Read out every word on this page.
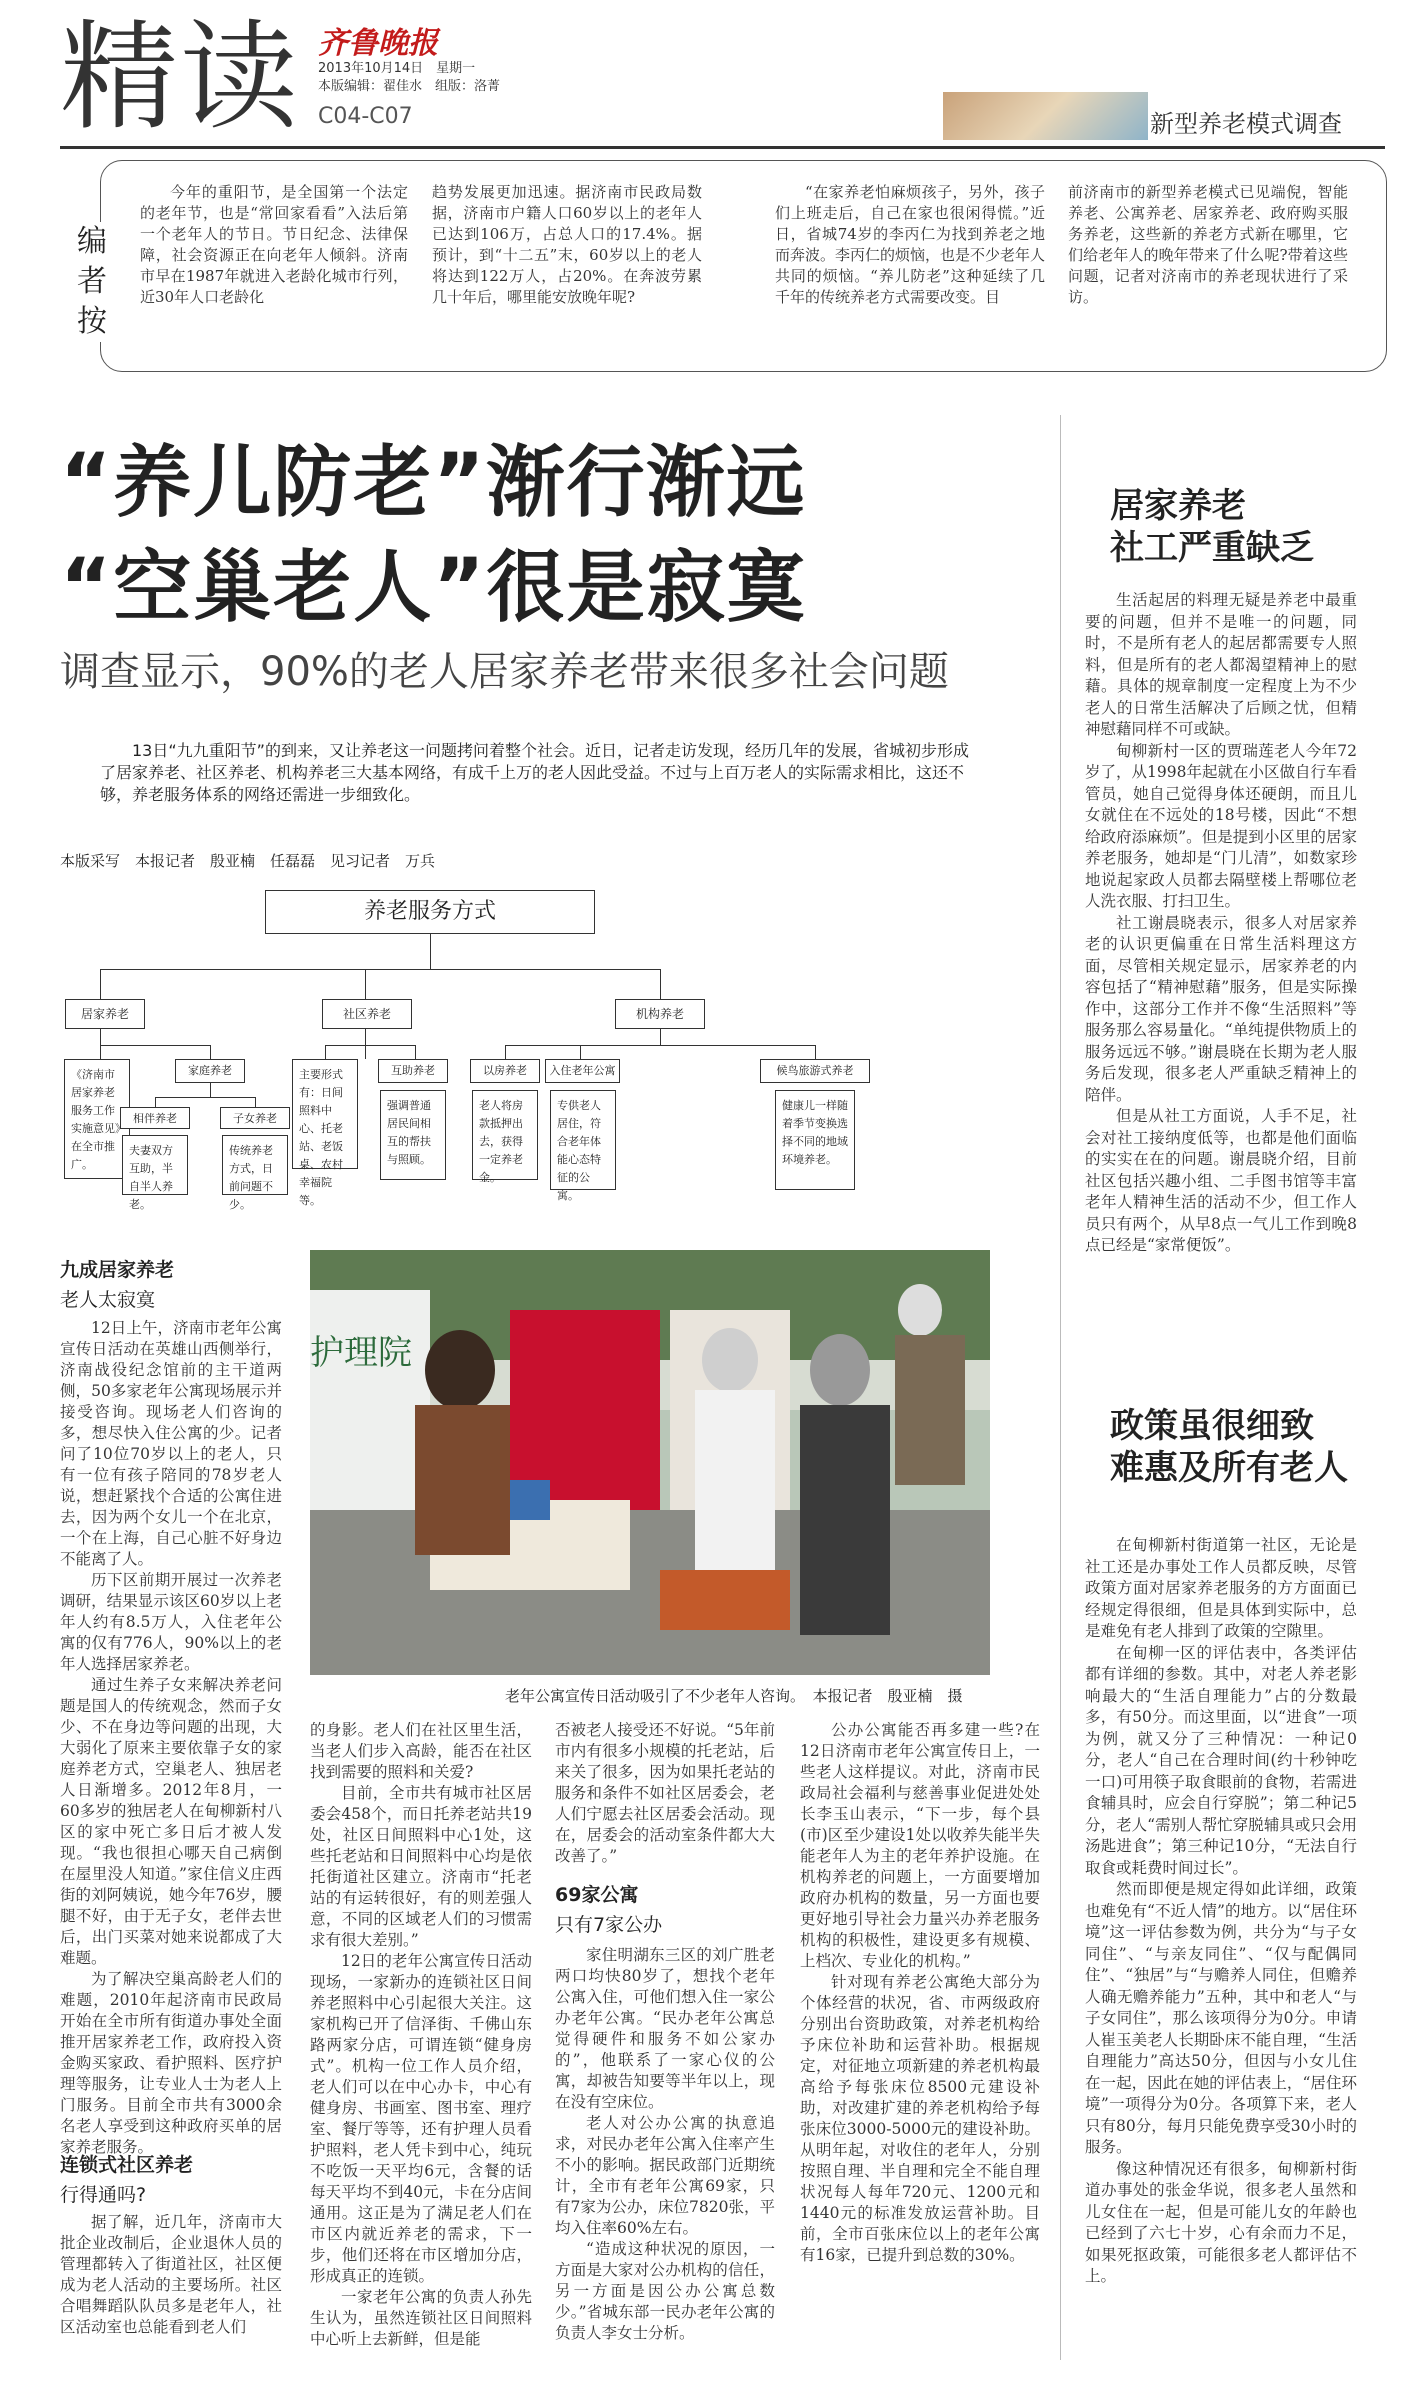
精读 齐鲁晚报
2013年10月14日　星期一
本版编辑：翟佳水　组版：洛菁
C04-C07	新型养老模式调查
编
者
按
今年的重阳节，是全国第一个法定的老年节，也是“常回家看看”入法后第一个老年人的节日。节日纪念、法律保障，社会资源正在向老年人倾斜。济南市早在1987年就进入老龄化城市行列，近30年人口老龄化
趋势发展更加迅速。据济南市民政局数据，济南市户籍人口60岁以上的老年人已达到106万，占总人口的17.4%。据预计，到“十二五”末，60岁以上的老人将达到122万人，占20%。在奔波劳累几十年后，哪里能安放晚年呢?
“在家养老怕麻烦孩子，另外，孩子们上班走后，自己在家也很闲得慌。”近日，省城74岁的李丙仁为找到养老之地而奔波。李丙仁的烦恼，也是不少老年人共同的烦恼。“养儿防老”这种延续了几千年的传统养老方式需要改变。目
前济南市的新型养老模式已见端倪，智能养老、公寓养老、居家养老、政府购买服务养老，这些新的养老方式新在哪里，它们给老年人的晚年带来了什么呢?带着这些问题，记者对济南市的养老现状进行了采访。
“养儿防老”渐行渐远
“空巢老人”很是寂寞
调查显示，90%的老人居家养老带来很多社会问题
13日“九九重阳节”的到来，又让养老这一问题拷问着整个社会。近日，记者走访发现，经历几年的发展，省城初步形成了居家养老、社区养老、机构养老三大基本网络，有成千上万的老人因此受益。不过与上百万老人的实际需求相比，这还不够，养老服务体系的网络还需进一步细致化。
本版采写　本报记者　殷亚楠　任磊磊　见习记者　万兵
养老服务方式
居家养老	社区养老	机构养老
《济南市居家养老服务工作实施意见》在全市推广。
家庭养老
相伴养老	子女养老
夫妻双方互助，半自半人养老。
传统养老方式，日前问题不少。
主要形式有：日间照料中心、托老站、老饭桌、农村幸福院等。
互助养老
强调普通居民间相互的帮扶与照顾。
以房养老	入住老年公寓	候鸟旅游式养老
老人将房款抵押出去，获得一定养老金。
专供老人居住，符合老年体能心态特征的公寓。
健康儿一样随着季节变换选择不同的地域环境养老。
护理院
老年公寓宣传日活动吸引了不少老年人咨询。　本报记者　殷亚楠　摄
居家养老
社工严重缺乏

生活起居的料理无疑是养老中最重要的问题，但并不是唯一的问题，同时，不是所有老人的起居都需要专人照料，但是所有的老人都渴望精神上的慰藉。具体的规章制度一定程度上为不少老人的日常生活解决了后顾之忧，但精神慰藉同样不可或缺。

甸柳新村一区的贾瑞莲老人今年72岁了，从1998年起就在小区做自行车看管员，她自己觉得身体还硬朗，而且儿女就住在不远处的18号楼，因此“不想给政府添麻烦”。但是提到小区里的居家养老服务，她却是“门儿清”，如数家珍地说起家政人员都去隔壁楼上帮哪位老人洗衣服、打扫卫生。

社工谢晨晓表示，很多人对居家养老的认识更偏重在日常生活料理这方面，尽管相关规定显示，居家养老的内容包括了“精神慰藉”服务，但是实际操作中，这部分工作并不像“生活照料”等服务那么容易量化。“单纯提供物质上的服务远远不够。”谢晨晓在长期为老人服务后发现，很多老人严重缺乏精神上的陪伴。

但是从社工方面说，人手不足，社会对社工接纳度低等，也都是他们面临的实实在在的问题。谢晨晓介绍，目前社区包括兴趣小组、二手图书馆等丰富老年人精神生活的活动不少，但工作人员只有两个，从早8点一气儿工作到晚8点已经是“家常便饭”。

政策虽很细致
难惠及所有老人

在甸柳新村街道第一社区，无论是社工还是办事处工作人员都反映，尽管政策方面对居家养老服务的方方面面已经规定得很细，但是具体到实际中，总是难免有老人排到了政策的空隙里。

在甸柳一区的评估表中，各类评估都有详细的参数。其中，对老人养老影响最大的“生活自理能力”占的分数最多，有50分。而这里面，以“进食”一项为例，就又分了三种情况：一种记0分，老人“自己在合理时间(约十秒钟吃一口)可用筷子取食眼前的食物，若需进食辅具时，应会自行穿脱”；第二种记5分，老人“需别人帮忙穿脱辅具或只会用汤匙进食”；第三种记10分，“无法自行取食或耗费时间过长”。

然而即便是规定得如此详细，政策也难免有“不近人情”的地方。以“居住环境”这一评估参数为例，共分为“与子女同住”、“与亲友同住”、“仅与配偶同住”、“独居”与“与赡养人同住，但赡养人确无赡养能力”五种，其中和老人“与子女同住”，那么该项得分为0分。申请人崔玉美老人长期卧床不能自理，“生活自理能力”高达50分，但因与小女儿住在一起，因此在她的评估表上，“居住环境”一项得分为0分。各项算下来，老人只有80分，每月只能免费享受30小时的服务。

像这种情况还有很多，甸柳新村街道办事处的张金华说，很多老人虽然和儿女住在一起，但是可能儿女的年龄也已经到了六七十岁，心有余而力不足，如果死抠政策，可能很多老人都评估不上。

九成居家养老
老人太寂寞

12日上午，济南市老年公寓宣传日活动在英雄山西侧举行，济南战役纪念馆前的主干道两侧，50多家老年公寓现场展示并接受咨询。现场老人们咨询的多，想尽快入住公寓的少。记者问了10位70岁以上的老人，只有一位有孩子陪同的78岁老人说，想赶紧找个合适的公寓住进去，因为两个女儿一个在北京，一个在上海，自己心脏不好身边不能离了人。

历下区前期开展过一次养老调研，结果显示该区60岁以上老年人约有8.5万人，入住老年公寓的仅有776人，90%以上的老年人选择居家养老。

通过生养子女来解决养老问题是国人的传统观念，然而子女少、不在身边等问题的出现，大大弱化了原来主要依靠子女的家庭养老方式，空巢老人、独居老人日渐增多。2012年8月，一60多岁的独居老人在甸柳新村八区的家中死亡多日后才被人发现。“我也很担心哪天自己病倒在屋里没人知道。”家住信义庄西街的刘阿姨说，她今年76岁，腰腿不好，由于无子女，老伴去世后，出门买菜对她来说都成了大难题。

为了解决空巢高龄老人们的难题，2010年起济南市民政局开始在全市所有街道办事处全面推开居家养老工作，政府投入资金购买家政、看护照料、医疗护理等服务，让专业人士为老人上门服务。目前全市共有3000余名老人享受到这种政府买单的居家养老服务。

连锁式社区养老
行得通吗?

据了解，近几年，济南市大批企业改制后，企业退休人员的管理都转入了街道社区，社区便成为老人活动的主要场所。社区合唱舞蹈队队员多是老年人，社区活动室也总能看到老人们

的身影。老人们在社区里生活，当老人们步入高龄，能否在社区找到需要的照料和关爱?

目前，全市共有城市社区居委会458个，而日托养老站共19处，社区日间照料中心1处，这些托老站和日间照料中心均是依托街道社区建立。济南市“托老站的有运转很好，有的则差强人意，不同的区域老人们的习惯需求有很大差别。”

12日的老年公寓宣传日活动现场，一家新办的连锁社区日间养老照料中心引起很大关注。这家机构已开了信泽街、千佛山东路两家分店，可谓连锁“健身房式”。机构一位工作人员介绍，老人们可以在中心办卡，中心有健身房、书画室、图书室、理疗室、餐厅等等，还有护理人员看护照料，老人凭卡到中心，纯玩不吃饭一天平均6元，含餐的话每天平均不到40元，卡在分店间通用。这正是为了满足老人们在市区内就近养老的需求，下一步，他们还将在市区增加分店，形成真正的连锁。

一家老年公寓的负责人孙先生认为，虽然连锁社区日间照料中心听上去新鲜，但是能

否被老人接受还不好说。“5年前市内有很多小规模的托老站，后来关了很多，因为如果托老站的服务和条件不如社区居委会，老人们宁愿去社区居委会活动。现在，居委会的活动室条件都大大改善了。”

69家公寓
只有7家公办

家住明湖东三区的刘广胜老两口均快80岁了，想找个老年公寓入住，可他们想入住一家公办老年公寓。“民办老年公寓总觉得硬件和服务不如公家办的”，他联系了一家心仪的公寓，却被告知要等半年以上，现在没有空床位。

老人对公办公寓的执意追求，对民办老年公寓入住率产生不小的影响。据民政部门近期统计，全市有老年公寓69家，只有7家为公办，床位7820张，平均入住率60%左右。

“造成这种状况的原因，一方面是大家对公办机构的信任，另一方面是因公办公寓总数少。”省城东部一民办老年公寓的负责人李女士分析。

公办公寓能否再多建一些?在12日济南市老年公寓宣传日上，一些老人这样提议。对此，济南市民政局社会福利与慈善事业促进处处长李玉山表示，“下一步，每个县(市)区至少建设1处以收养失能半失能老年人为主的老年养护设施。在机构养老的问题上，一方面要增加政府办机构的数量，另一方面也要更好地引导社会力量兴办养老服务机构的积极性，建设更多有规模、上档次、专业化的机构。”

针对现有养老公寓绝大部分为个体经营的状况，省、市两级政府分别出台资助政策，对养老机构给予床位补助和运营补助。根据规定，对征地立项新建的养老机构最高给予每张床位8500元建设补助，对改建扩建的养老机构给予每张床位3000-5000元的建设补助。从明年起，对收住的老年人，分别按照自理、半自理和完全不能自理状况每人每年720元、1200元和1440元的标准发放运营补助。目前，全市百张床位以上的老年公寓有16家，已提升到总数的30%。
